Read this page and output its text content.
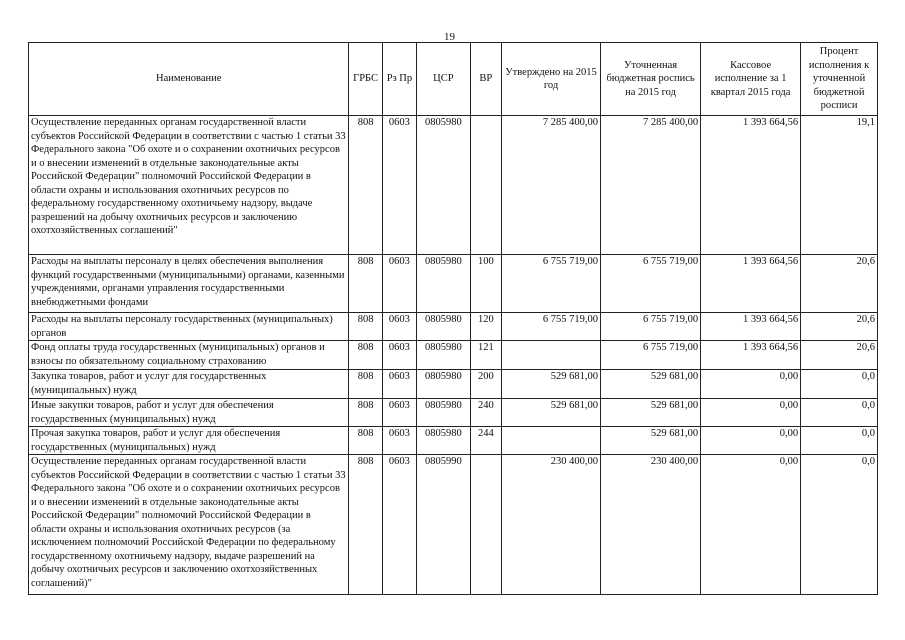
19
Наименование	ГРБС	Рз Пр	ЦСР	ВР	Утверждено на 2015 год	Уточненная бюджетная роспись на 2015 год	Кассовое исполнение за 1 квартал 2015 года	Процент исполнения к уточненной бюджетной росписи
Осуществление переданных органам государственной власти субъектов Российской Федерации в соответствии с частью 1 статьи 33 Федерального закона "Об охоте и о сохранении охотничьих ресурсов и о внесении изменений в отдельные законодательные акты Российской Федерации" полномочий Российской Федерации в области охраны и использования охотничьих ресурсов по федеральному государственному охотничьему надзору, выдаче разрешений на добычу охотничьих ресурсов и заключению охотхозяйственных соглашений"	808	0603	0805980		7 285 400,00	7 285 400,00	1 393 664,56	19,1
Расходы на выплаты персоналу в целях обеспечения выполнения функций государственными (муниципальными) органами, казенными учреждениями, органами управления государственными внебюджетными фондами	808	0603	0805980	100	6 755 719,00	6 755 719,00	1 393 664,56	20,6
Расходы на выплаты персоналу государственных (муниципальных) органов	808	0603	0805980	120	6 755 719,00	6 755 719,00	1 393 664,56	20,6
Фонд оплаты труда государственных (муниципальных) органов и взносы по обязательному социальному страхованию	808	0603	0805980	121		6 755 719,00	1 393 664,56	20,6
Закупка товаров, работ и услуг для государственных (муниципальных) нужд	808	0603	0805980	200	529 681,00	529 681,00	0,00	0,0
Иные закупки товаров, работ и услуг для обеспечения государственных (муниципальных) нужд	808	0603	0805980	240	529 681,00	529 681,00	0,00	0,0
Прочая закупка товаров, работ и услуг для обеспечения государственных (муниципальных) нужд	808	0603	0805980	244		529 681,00	0,00	0,0
Осуществление переданных органам государственной власти субъектов Российской Федерации в соответствии с частью 1 статьи 33 Федерального закона "Об охоте и о сохранении охотничьих ресурсов и о внесении изменений в отдельные законодательные акты Российской Федерации" полномочий Российской Федерации в области охраны и использования охотничьих ресурсов (за исключением полномочий Российской Федерации по федеральному государственному охотничьему надзору, выдаче разрешений на добычу охотничьих ресурсов и заключению охотхозяйственных соглашений)"	808	0603	0805990		230 400,00	230 400,00	0,00	0,0
